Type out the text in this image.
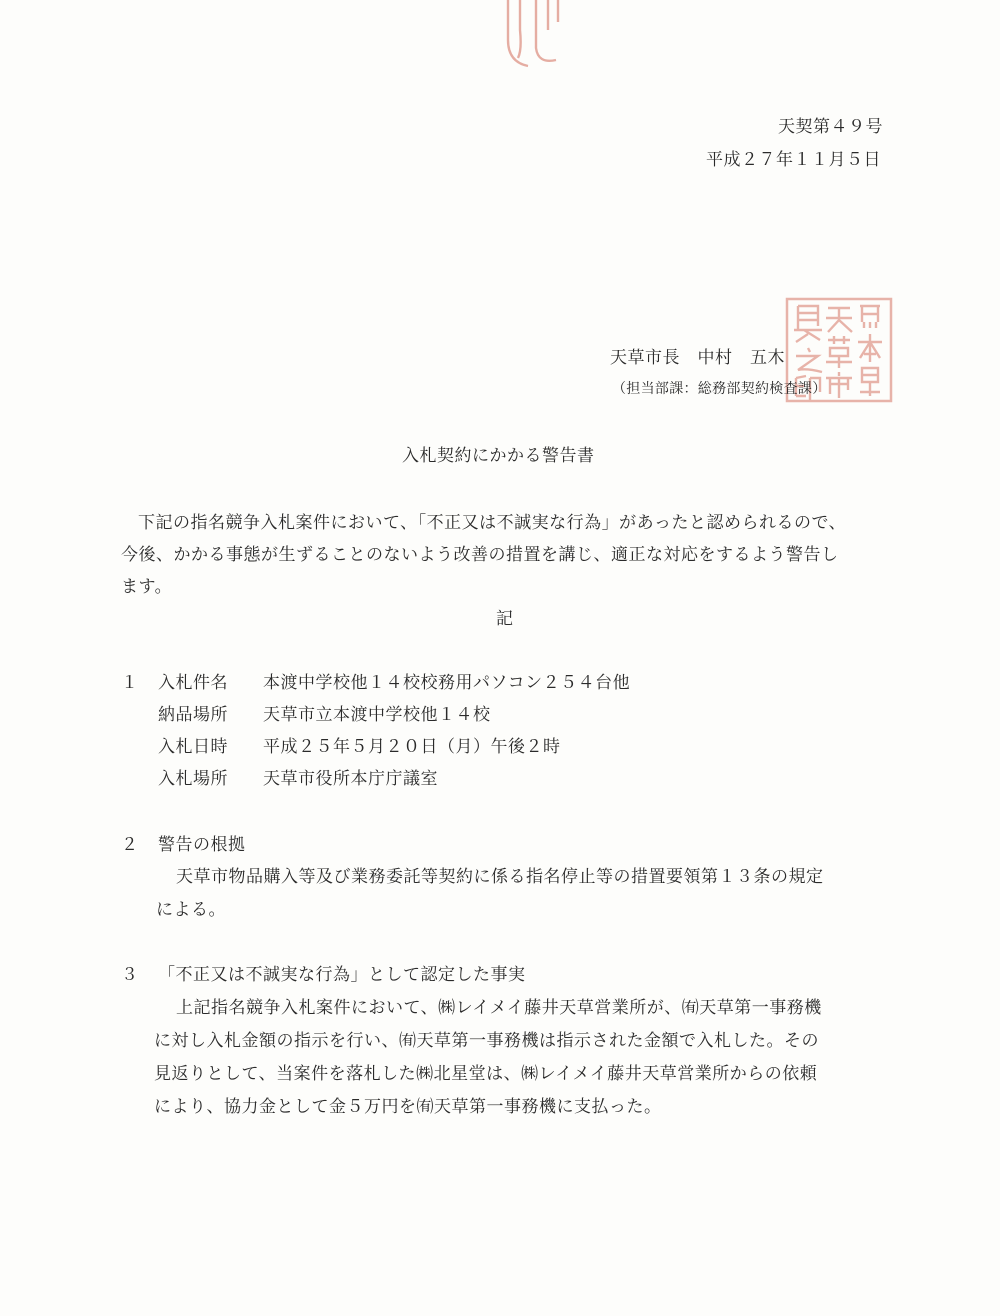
天契第４９号
平成２７年１１月５日
天草市長　中村　五木
（担当部課：総務部契約検査課）
入札契約にかかる警告書
下記の指名競争入札案件において、「不正又は不誠実な行為」があったと認められるので、
今後、かかる事態が生ずることのないよう改善の措置を講じ、適正な対応をするよう警告し
ます。
記
１ 入札件名 本渡中学校他１４校校務用パソコン２５４台他
納品場所 天草市立本渡中学校他１４校
入札日時 平成２５年５月２０日（月）午後２時
入札場所 天草市役所本庁庁議室
２ 警告の根拠
天草市物品購入等及び業務委託等契約に係る指名停止等の措置要領第１３条の規定
による。
３ 「不正又は不誠実な行為」として認定した事実
上記指名競争入札案件において、㈱レイメイ藤井天草営業所が、㈲天草第一事務機
に対し入札金額の指示を行い、㈲天草第一事務機は指示された金額で入札した。その
見返りとして、当案件を落札した㈱北星堂は、㈱レイメイ藤井天草営業所からの依頼
により、協力金として金５万円を㈲天草第一事務機に支払った。
